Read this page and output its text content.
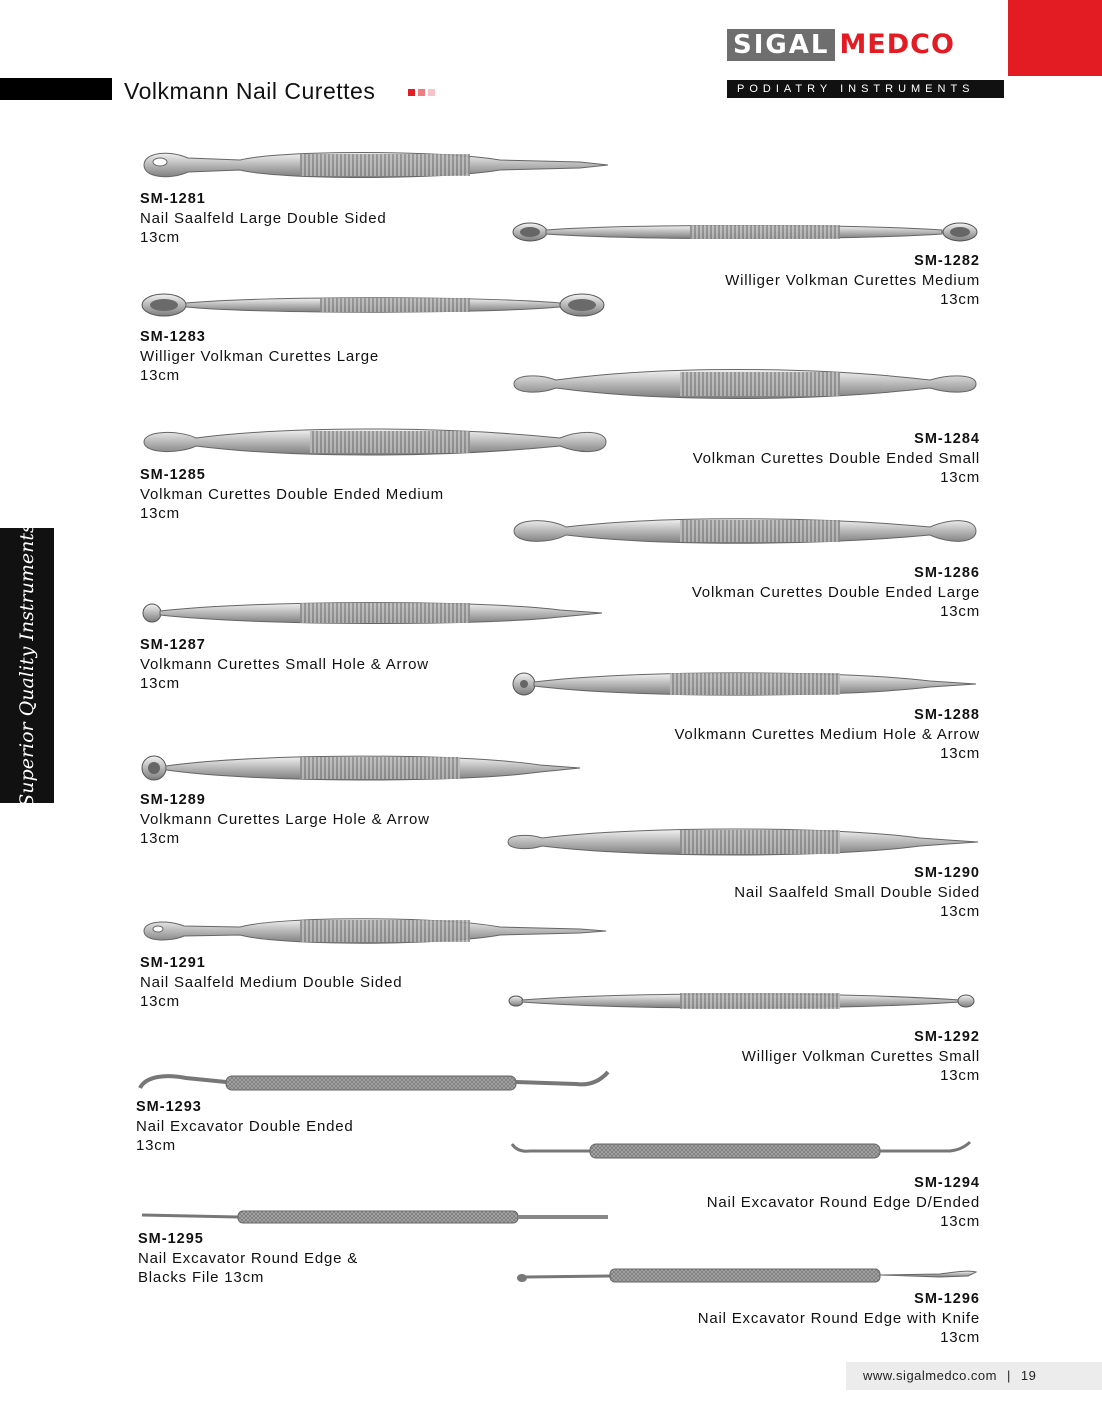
Volkmann Nail Curettes
SIGAL MEDCO
PODIATRY INSTRUMENTS
Superior Quality Instruments
SM-1281
Nail Saalfeld Large Double Sided
13cm
SM-1283
Williger Volkman Curettes Large
13cm
SM-1285
Volkman Curettes Double Ended Medium
13cm
SM-1287
Volkmann Curettes Small Hole & Arrow
13cm
SM-1289
Volkmann Curettes Large Hole & Arrow
13cm
SM-1291
Nail Saalfeld Medium Double Sided
13cm
SM-1293
Nail Excavator Double Ended
13cm
SM-1295
Nail Excavator Round Edge &
Blacks File 13cm
SM-1282
Williger Volkman Curettes Medium
13cm
SM-1284
Volkman Curettes Double Ended Small
13cm
SM-1286
Volkman Curettes Double Ended Large
13cm
SM-1288
Volkmann Curettes Medium Hole & Arrow
13cm
SM-1290
Nail Saalfeld Small Double Sided
13cm
SM-1292
Williger Volkman Curettes Small
13cm
SM-1294
Nail Excavator Round Edge D/Ended
13cm
SM-1296
Nail Excavator Round Edge with Knife
13cm
www.sigalmedco.com | 19
